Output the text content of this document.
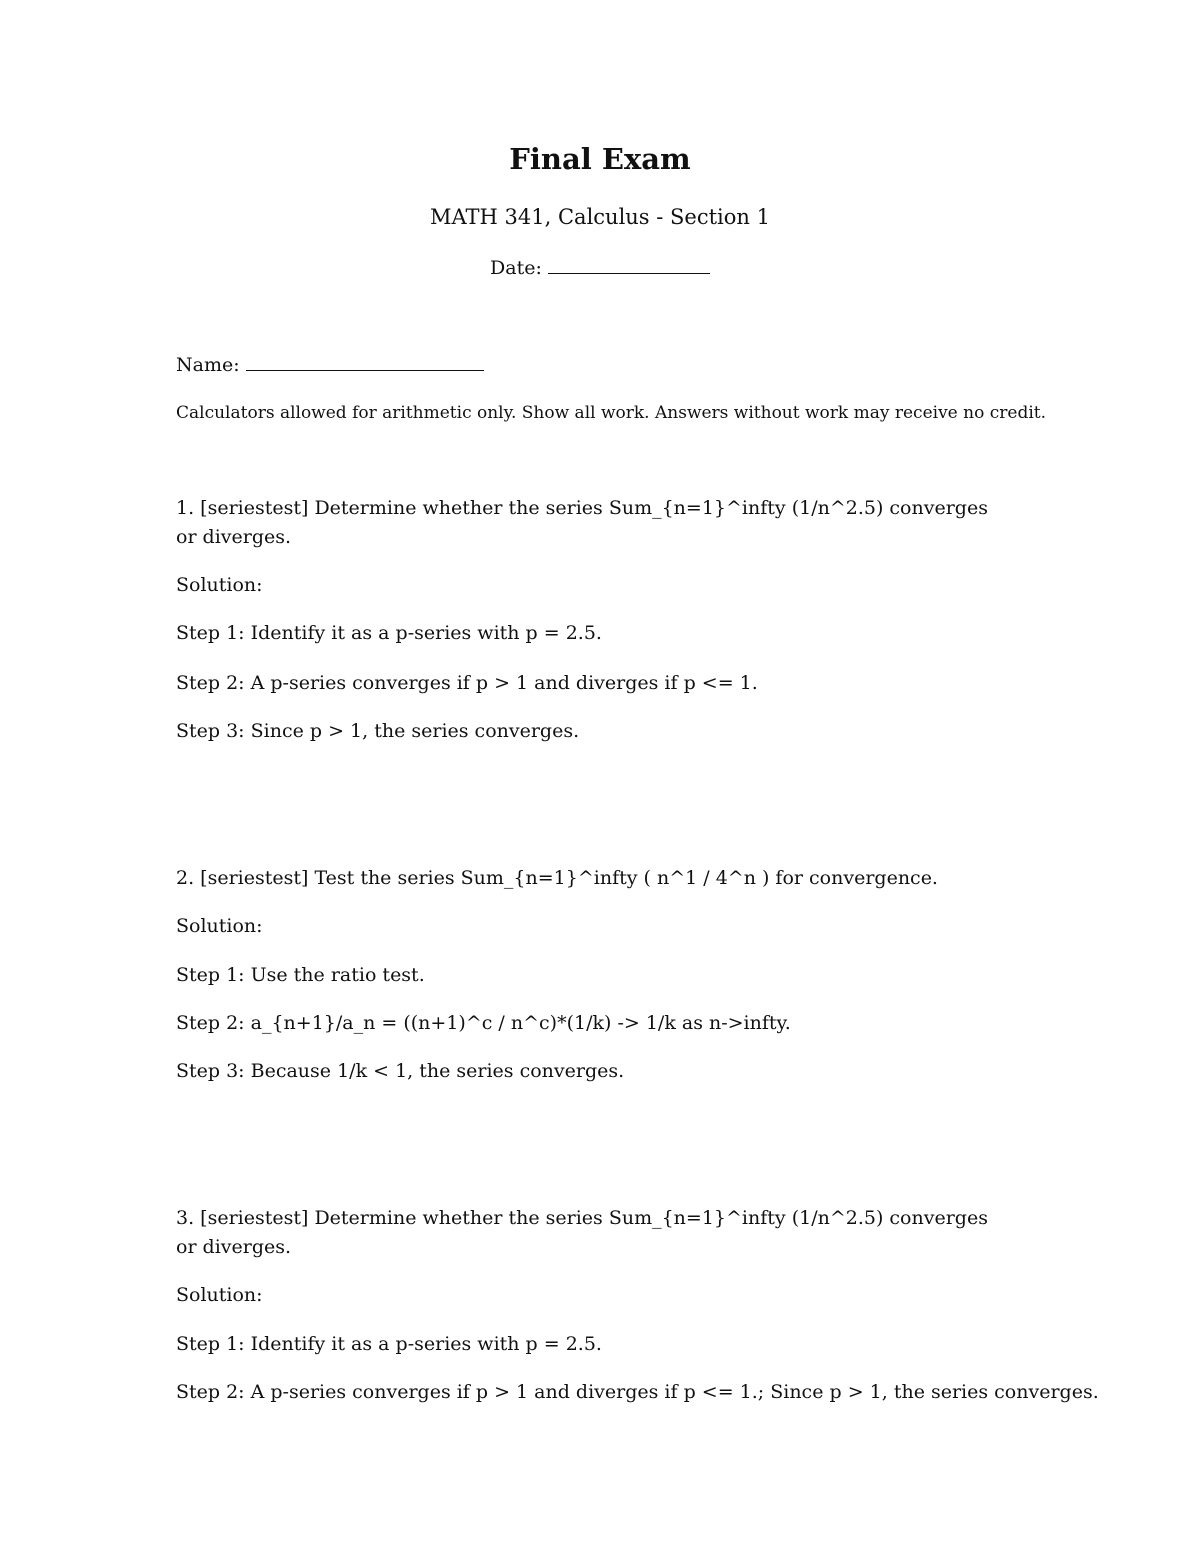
Final Exam
MATH 341, Calculus - Section 1
Date:
Name:
Calculators allowed for arithmetic only. Show all work. Answers without work may receive no credit.
1. [seriestest] Determine whether the series Sum_{n=1}^infty (1/n^2.5) converges or diverges.
Solution:
Step 1: Identify it as a p-series with p = 2.5.
Step 2: A p-series converges if p > 1 and diverges if p <= 1.
Step 3: Since p > 1, the series converges.
2. [seriestest] Test the series Sum_{n=1}^infty ( n^1 / 4^n ) for convergence.
Solution:
Step 1: Use the ratio test.
Step 2: a_{n+1}/a_n = ((n+1)^c / n^c)*(1/k) -> 1/k as n->infty.
Step 3: Because 1/k < 1, the series converges.
3. [seriestest] Determine whether the series Sum_{n=1}^infty (1/n^2.5) converges or diverges.
Solution:
Step 1: Identify it as a p-series with p = 2.5.
Step 2: A p-series converges if p > 1 and diverges if p <= 1.; Since p > 1, the series converges.
